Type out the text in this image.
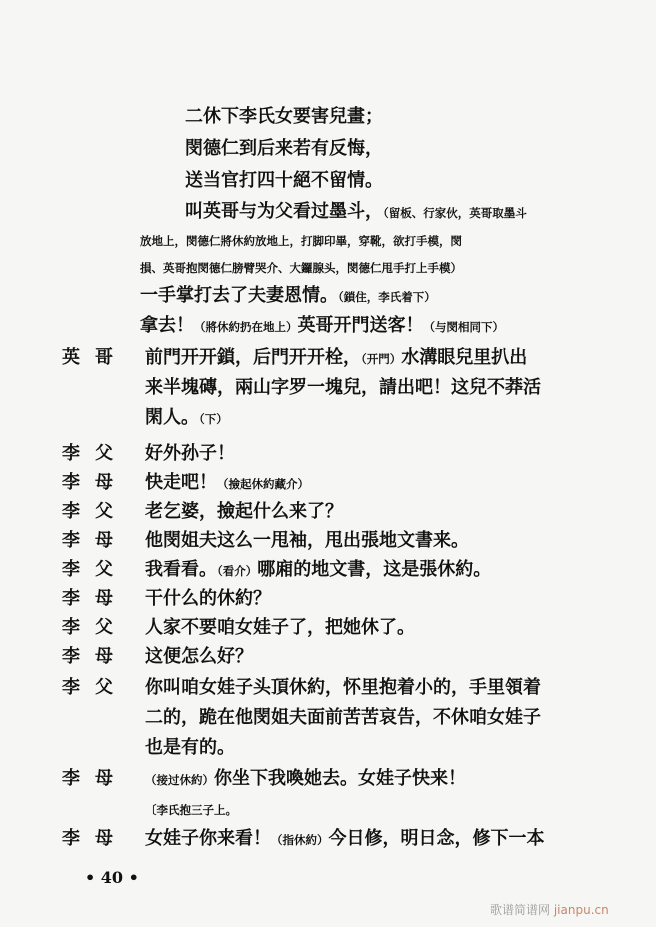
• 40 •
歌谱简谱网 jianpu.cn
二休下李氏女要害兒畫；
閔德仁到后来若有反悔，
送当官打四十絕不留情。
叫英哥与为父看过墨斗，（留板、行家伙，英哥取墨斗
放地上，閔德仁將休約放地上，打脚印畢，穿靴，欲打手模，閔
損、英哥抱閔德仁膀臂哭介、大鑼腺头，閔德仁甩手打上手模）
一手掌打去了夫妻恩情。（鎖住，李氏着下）
拿去！（將休約扔在地上）英哥开門送客！（与閔相同下）
英 哥 前門开开鎖，后門开开栓，（开門）水溝眼兒里扒出
来半塊磚，兩山字罗一塊兒，請出吧！这兒不莽活
閑人。（下）
李 父 好外孙子！
李 母 快走吧！（撿起休約藏介）
李 父 老乞婆，撿起什么来了？
李 母 他閔姐夫这么一甩袖，甩出張地文書来。
李 父 我看看。（看介）哪廂的地文書，这是張休約。
李 母 干什么的休約？
李 父 人家不要咱女娃子了，把她休了。
李 母 这便怎么好？
李 父 你叫咱女娃子头頂休約，怀里抱着小的，手里領着
二的，跪在他閔姐夫面前苦苦哀告，不休咱女娃子
也是有的。
李 母	（接过休約）你坐下我喚她去。女娃子快来！
〔李氏抱三子上。
李 母 女娃子你来看！（指休約）今日修，明日念，修下一本
